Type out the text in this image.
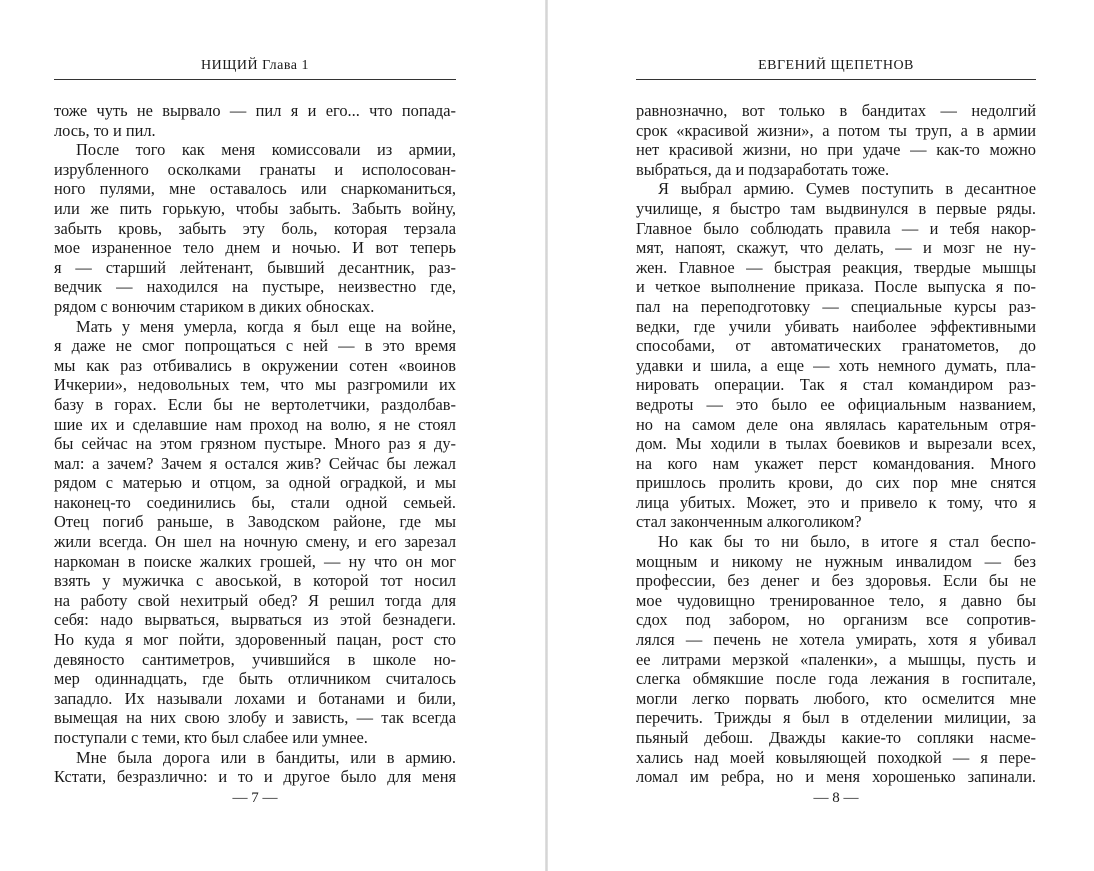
НИЩИЙ Глава 1
тоже чуть не вырвало — пил я и его... что попада-
лось, то и пил.
После того как меня комиссовали из армии,
изрубленного осколками гранаты и исполосован-
ного пулями, мне оставалось или снаркоманиться,
или же пить горькую, чтобы забыть. Забыть войну,
забыть кровь, забыть эту боль, которая терзала
мое израненное тело днем и ночью. И вот теперь
я — старший лейтенант, бывший десантник, раз-
ведчик — находился на пустыре, неизвестно где,
рядом с вонючим стариком в диких обносках.
Мать у меня умерла, когда я был еще на войне,
я даже не смог попрощаться с ней — в это время
мы как раз отбивались в окружении сотен «воинов
Ичкерии», недовольных тем, что мы разгромили их
базу в горах. Если бы не вертолетчики, раздолбав-
шие их и сделавшие нам проход на волю, я не стоял
бы сейчас на этом грязном пустыре. Много раз я ду-
мал: а зачем? Зачем я остался жив? Сейчас бы лежал
рядом с матерью и отцом, за одной оградкой, и мы
наконец-то соединились бы, стали одной семьей.
Отец погиб раньше, в Заводском районе, где мы
жили всегда. Он шел на ночную смену, и его зарезал
наркоман в поиске жалких грошей, — ну что он мог
взять у мужичка с авоськой, в которой тот носил
на работу свой нехитрый обед? Я решил тогда для
себя: надо вырваться, вырваться из этой безнадеги.
Но куда я мог пойти, здоровенный пацан, рост сто
девяносто сантиметров, учившийся в школе но-
мер одиннадцать, где быть отличником считалось
западло. Их называли лохами и ботанами и били,
вымещая на них свою злобу и зависть, — так всегда
поступали с теми, кто был слабее или умнее.
Мне была дорога или в бандиты, или в армию.
Кстати, безразлично: и то и другое было для меня
— 7 —
ЕВГЕНИЙ ЩЕПЕТНОВ
равнозначно, вот только в бандитах — недолгий
срок «красивой жизни», а потом ты труп, а в армии
нет красивой жизни, но при удаче — как-то можно
выбраться, да и подзаработать тоже.
Я выбрал армию. Сумев поступить в десантное
училище, я быстро там выдвинулся в первые ряды.
Главное было соблюдать правила — и тебя накор-
мят, напоят, скажут, что делать, — и мозг не ну-
жен. Главное — быстрая реакция, твердые мышцы
и четкое выполнение приказа. После выпуска я по-
пал на переподготовку — специальные курсы раз-
ведки, где учили убивать наиболее эффективными
способами, от автоматических гранатометов, до
удавки и шила, а еще — хоть немного думать, пла-
нировать операции. Так я стал командиром раз-
ведроты — это было ее официальным названием,
но на самом деле она являлась карательным отря-
дом. Мы ходили в тылах боевиков и вырезали всех,
на кого нам укажет перст командования. Много
пришлось пролить крови, до сих пор мне снятся
лица убитых. Может, это и привело к тому, что я
стал законченным алкоголиком?
Но как бы то ни было, в итоге я стал беспо-
мощным и никому не нужным инвалидом — без
профессии, без денег и без здоровья. Если бы не
мое чудовищно тренированное тело, я давно бы
сдох под забором, но организм все сопротив-
лялся — печень не хотела умирать, хотя я убивал
ее литрами мерзкой «паленки», а мышцы, пусть и
слегка обмякшие после года лежания в госпитале,
могли легко порвать любого, кто осмелится мне
перечить. Трижды я был в отделении милиции, за
пьяный дебош. Дважды какие-то сопляки насме-
хались над моей ковыляющей походкой — я пере-
ломал им ребра, но и меня хорошенько запинали.
— 8 —
